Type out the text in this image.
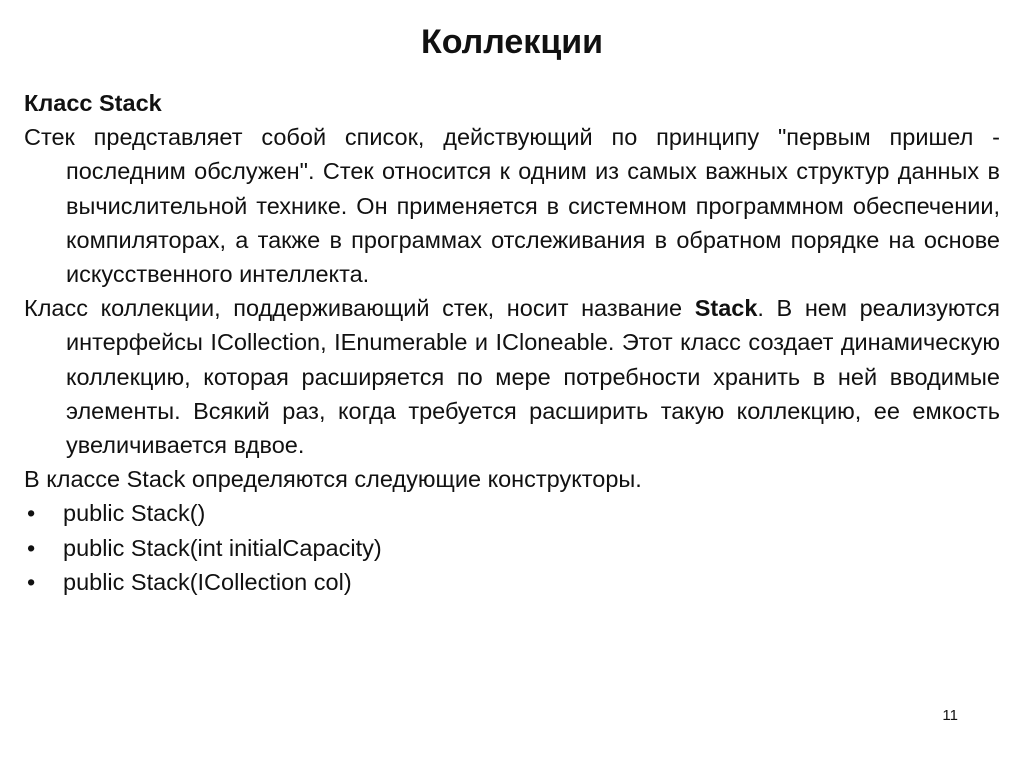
Коллекции

Класс Stack

Стек представляет собой список, действующий по принципу "первым пришел - последним обслужен". Стек относится к одним из самых важных структур данных в вычислительной технике. Он применяется в системном программном обеспечении, компиляторах, а также в программах отслеживания в обратном порядке на основе искусственного интеллекта.

Класс коллекции, поддерживающий стек, носит название Stack. В нем реализуются интерфейсы ICollection, IEnumerable и ICloneable. Этот класс создает динамическую коллекцию, которая расширяется по мере потребности хранить в ней вводимые элементы. Всякий раз, когда требуется расширить такую коллекцию, ее емкость увеличивается вдвое.

В классе Stack определяются следующие конструкторы.

• public Stack()
• public Stack(int initialCapacity)
• public Stack(ICollection col)
11
